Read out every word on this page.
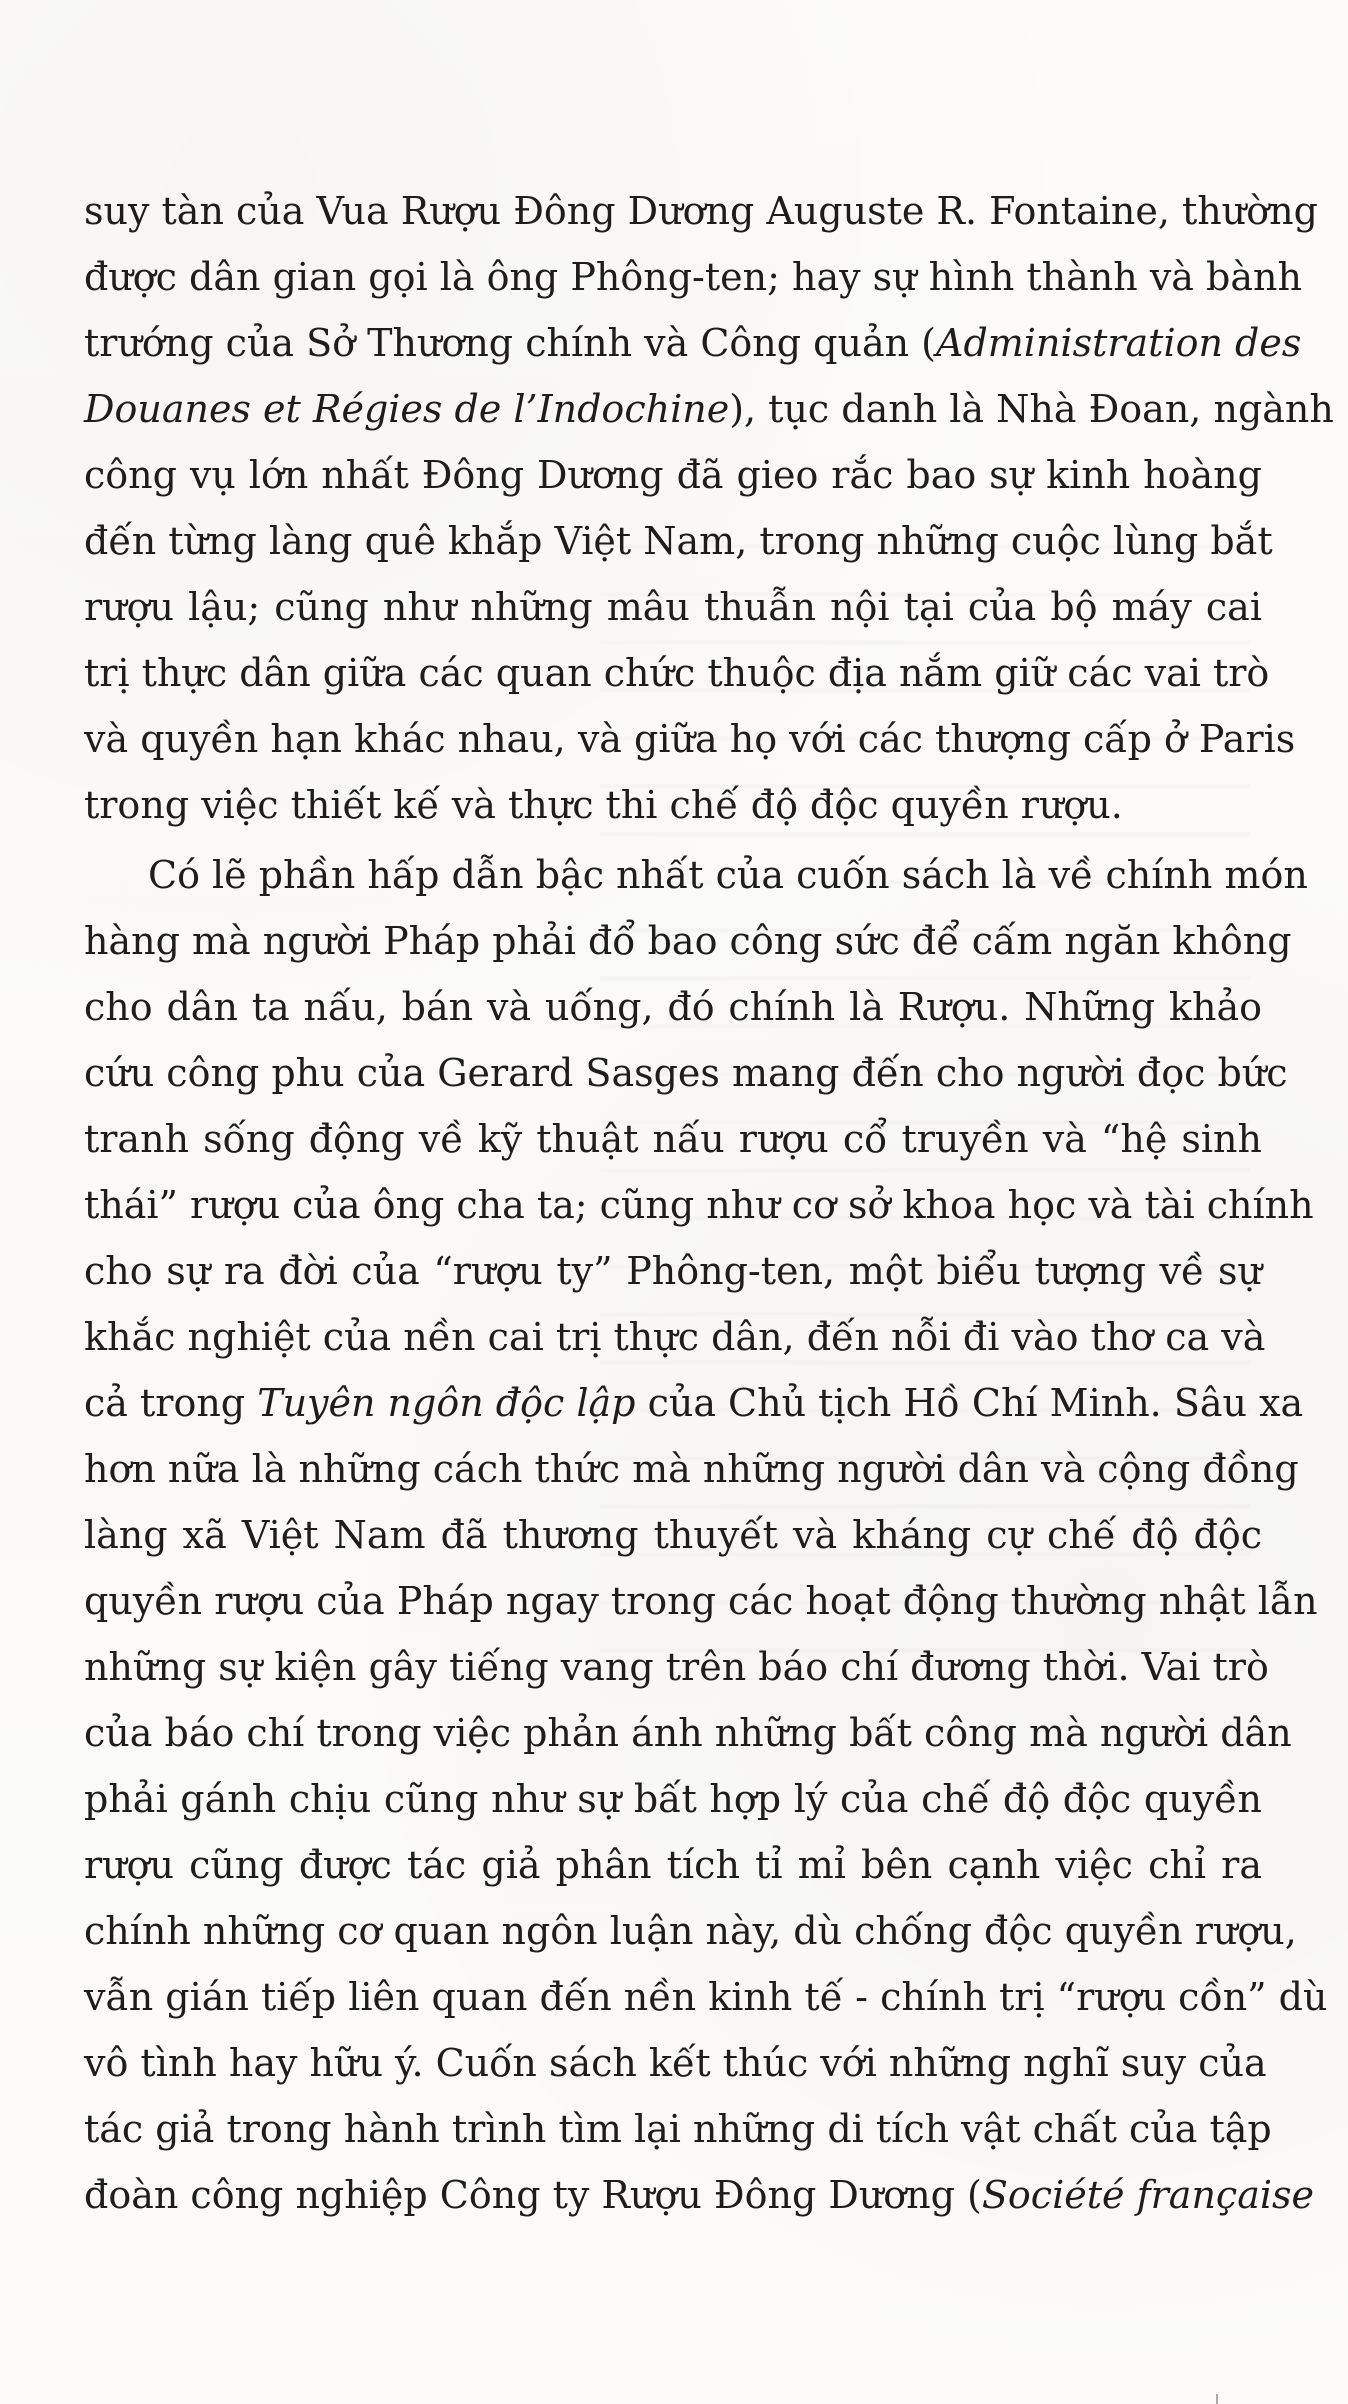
suy tàn của Vua Rượu Đông Dương Auguste R. Fontaine, thường
được dân gian gọi là ông Phông-ten; hay sự hình thành và bành
trướng của Sở Thương chính và Công quản (Administration des
Douanes et Régies de l’Indochine), tục danh là Nhà Đoan, ngành
công vụ lớn nhất Đông Dương đã gieo rắc bao sự kinh hoàng
đến từng làng quê khắp Việt Nam, trong những cuộc lùng bắt
rượu lậu; cũng như những mâu thuẫn nội tại của bộ máy cai
trị thực dân giữa các quan chức thuộc địa nắm giữ các vai trò
và quyền hạn khác nhau, và giữa họ với các thượng cấp ở Paris
trong việc thiết kế và thực thi chế độ độc quyền rượu.
Có lẽ phần hấp dẫn bậc nhất của cuốn sách là về chính món
hàng mà người Pháp phải đổ bao công sức để cấm ngăn không
cho dân ta nấu, bán và uống, đó chính là Rượu. Những khảo
cứu công phu của Gerard Sasges mang đến cho người đọc bức
tranh sống động về kỹ thuật nấu rượu cổ truyền và “hệ sinh
thái” rượu của ông cha ta; cũng như cơ sở khoa học và tài chính
cho sự ra đời của “rượu ty” Phông-ten, một biểu tượng về sự
khắc nghiệt của nền cai trị thực dân, đến nỗi đi vào thơ ca và
cả trong Tuyên ngôn độc lập của Chủ tịch Hồ Chí Minh. Sâu xa
hơn nữa là những cách thức mà những người dân và cộng đồng
làng xã Việt Nam đã thương thuyết và kháng cự chế độ độc
quyền rượu của Pháp ngay trong các hoạt động thường nhật lẫn
những sự kiện gây tiếng vang trên báo chí đương thời. Vai trò
của báo chí trong việc phản ánh những bất công mà người dân
phải gánh chịu cũng như sự bất hợp lý của chế độ độc quyền
rượu cũng được tác giả phân tích tỉ mỉ bên cạnh việc chỉ ra
chính những cơ quan ngôn luận này, dù chống độc quyền rượu,
vẫn gián tiếp liên quan đến nền kinh tế - chính trị “rượu cồn” dù
vô tình hay hữu ý. Cuốn sách kết thúc với những nghĩ suy của
tác giả trong hành trình tìm lại những di tích vật chất của tập
đoàn công nghiệp Công ty Rượu Đông Dương (Société française
